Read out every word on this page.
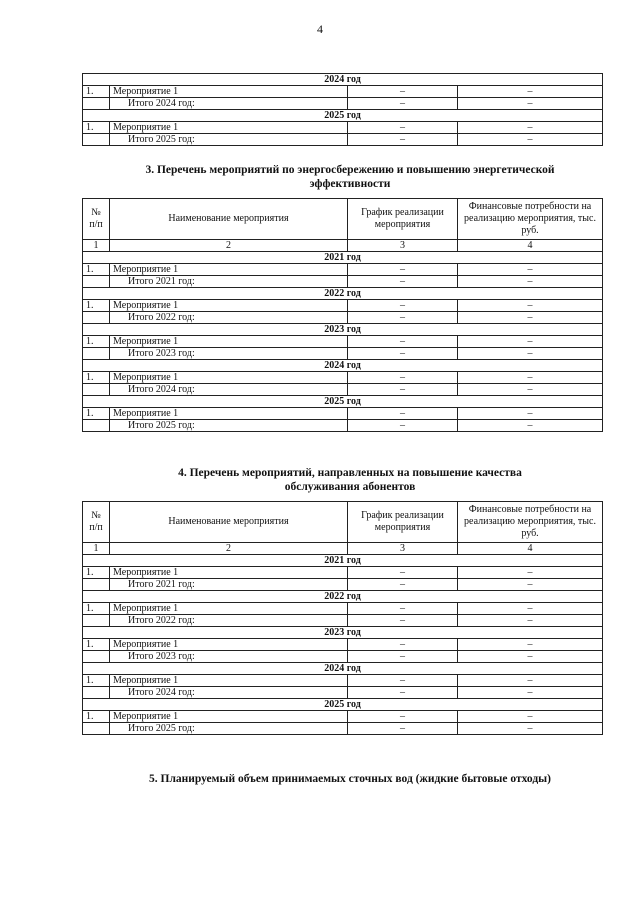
4
2024 год			
1.	Мероприятие 1	–	–
	Итого 2024 год:	–	–
2025 год			
1.	Мероприятие 1	–	–
	Итого 2025 год:	–	–
3. Перечень мероприятий по энергосбережению и повышению энергетической
эффективности
№ п/п	Наименование мероприятия	График реализации мероприятия	Финансовые потребности на реализацию мероприятия, тыс. руб.
1	2	3	4
2021 год			
1.	Мероприятие 1	–	–
	Итого 2021 год:	–	–
2022 год			
1.	Мероприятие 1	–	–
	Итого 2022 год:	–	–
2023 год			
1.	Мероприятие 1	–	–
	Итого 2023 год:	–	–
2024 год			
1.	Мероприятие 1	–	–
	Итого 2024 год:	–	–
2025 год			
1.	Мероприятие 1	–	–
	Итого 2025 год:	–	–
4. Перечень мероприятий, направленных на повышение качества
обслуживания абонентов
№ п/п	Наименование мероприятия	График реализации мероприятия	Финансовые потребности на реализацию мероприятия, тыс. руб.
1	2	3	4
2021 год			
1.	Мероприятие 1	–	–
	Итого 2021 год:	–	–
2022 год			
1.	Мероприятие 1	–	–
	Итого 2022 год:	–	–
2023 год			
1.	Мероприятие 1	–	–
	Итого 2023 год:	–	–
2024 год			
1.	Мероприятие 1	–	–
	Итого 2024 год:	–	–
2025 год			
1.	Мероприятие 1	–	–
	Итого 2025 год:	–	–
5. Планируемый объем принимаемых сточных вод (жидкие бытовые отходы)
